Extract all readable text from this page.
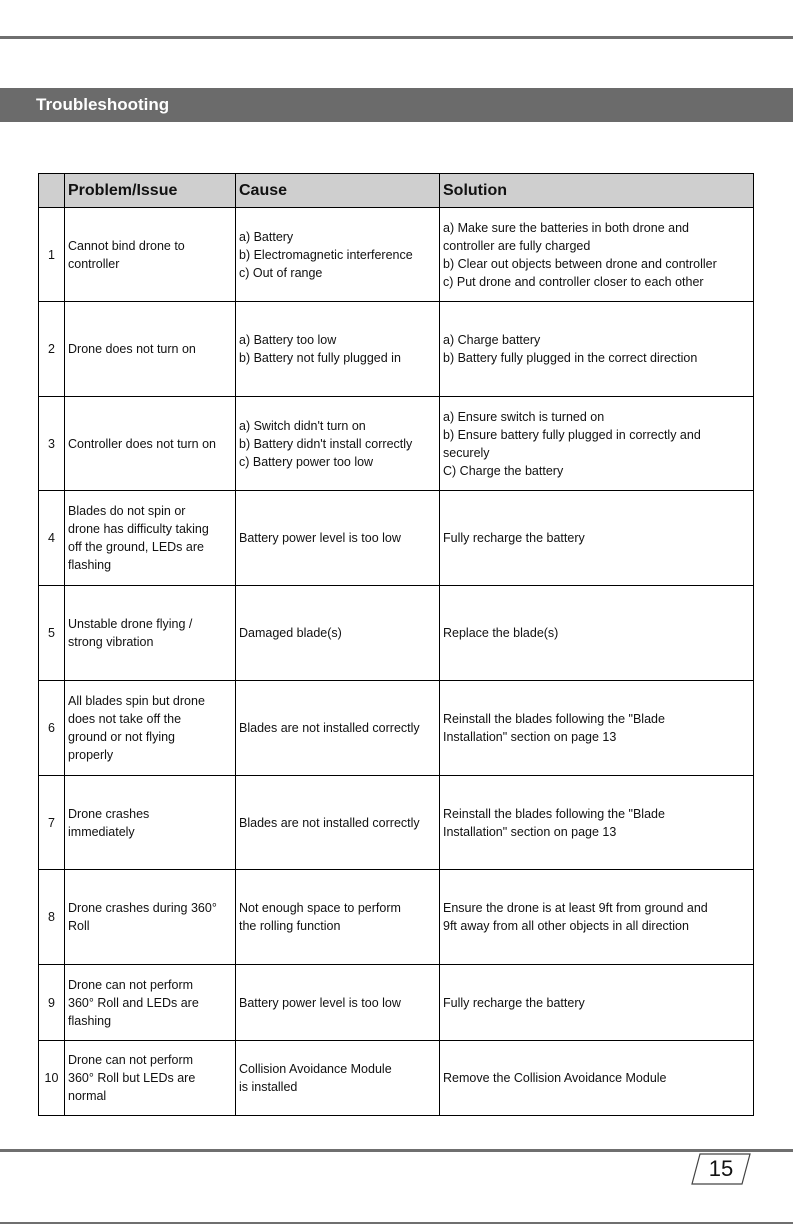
Troubleshooting
	Problem/Issue	Cause	Solution
1	Cannot bind drone to
controller	a) Battery
b) Electromagnetic interference
c) Out of range	a) Make sure the batteries in both drone and
controller are fully charged
b) Clear out objects between drone and controller
c) Put drone and controller closer to each other

2	Drone does not turn on	a) Battery too low
b) Battery not fully plugged in	a) Charge battery
b) Battery fully plugged in the correct direction

3	Controller does not turn on	a) Switch didn't turn on
b) Battery didn't install correctly
c) Battery power too low	a) Ensure switch is turned on
b) Ensure battery fully plugged in correctly and
securely
C) Charge the battery

4	Blades do not spin or
drone has difficulty taking
off the ground, LEDs are
flashing	Battery power level is too low	Fully recharge the battery

5	Unstable drone flying /
strong vibration	Damaged blade(s)	Replace the blade(s)

6	All blades spin but drone
does not take off the
ground or not flying
properly	Blades are not installed correctly	Reinstall the blades following the "Blade
Installation" section on page 13

7	Drone crashes
immediately	Blades are not installed correctly	Reinstall the blades following the "Blade
Installation" section on page 13

8	Drone crashes during 360°
Roll	Not enough space to perform
the rolling function	Ensure the drone is at least 9ft from ground and
9ft away from all other objects in all direction

9	Drone can not perform
360° Roll and LEDs are
flashing	Battery power level is too low	Fully recharge the battery

10	Drone can not perform
360° Roll but LEDs are
normal	Collision Avoidance Module
is installed	Remove the Collision Avoidance Module
15
